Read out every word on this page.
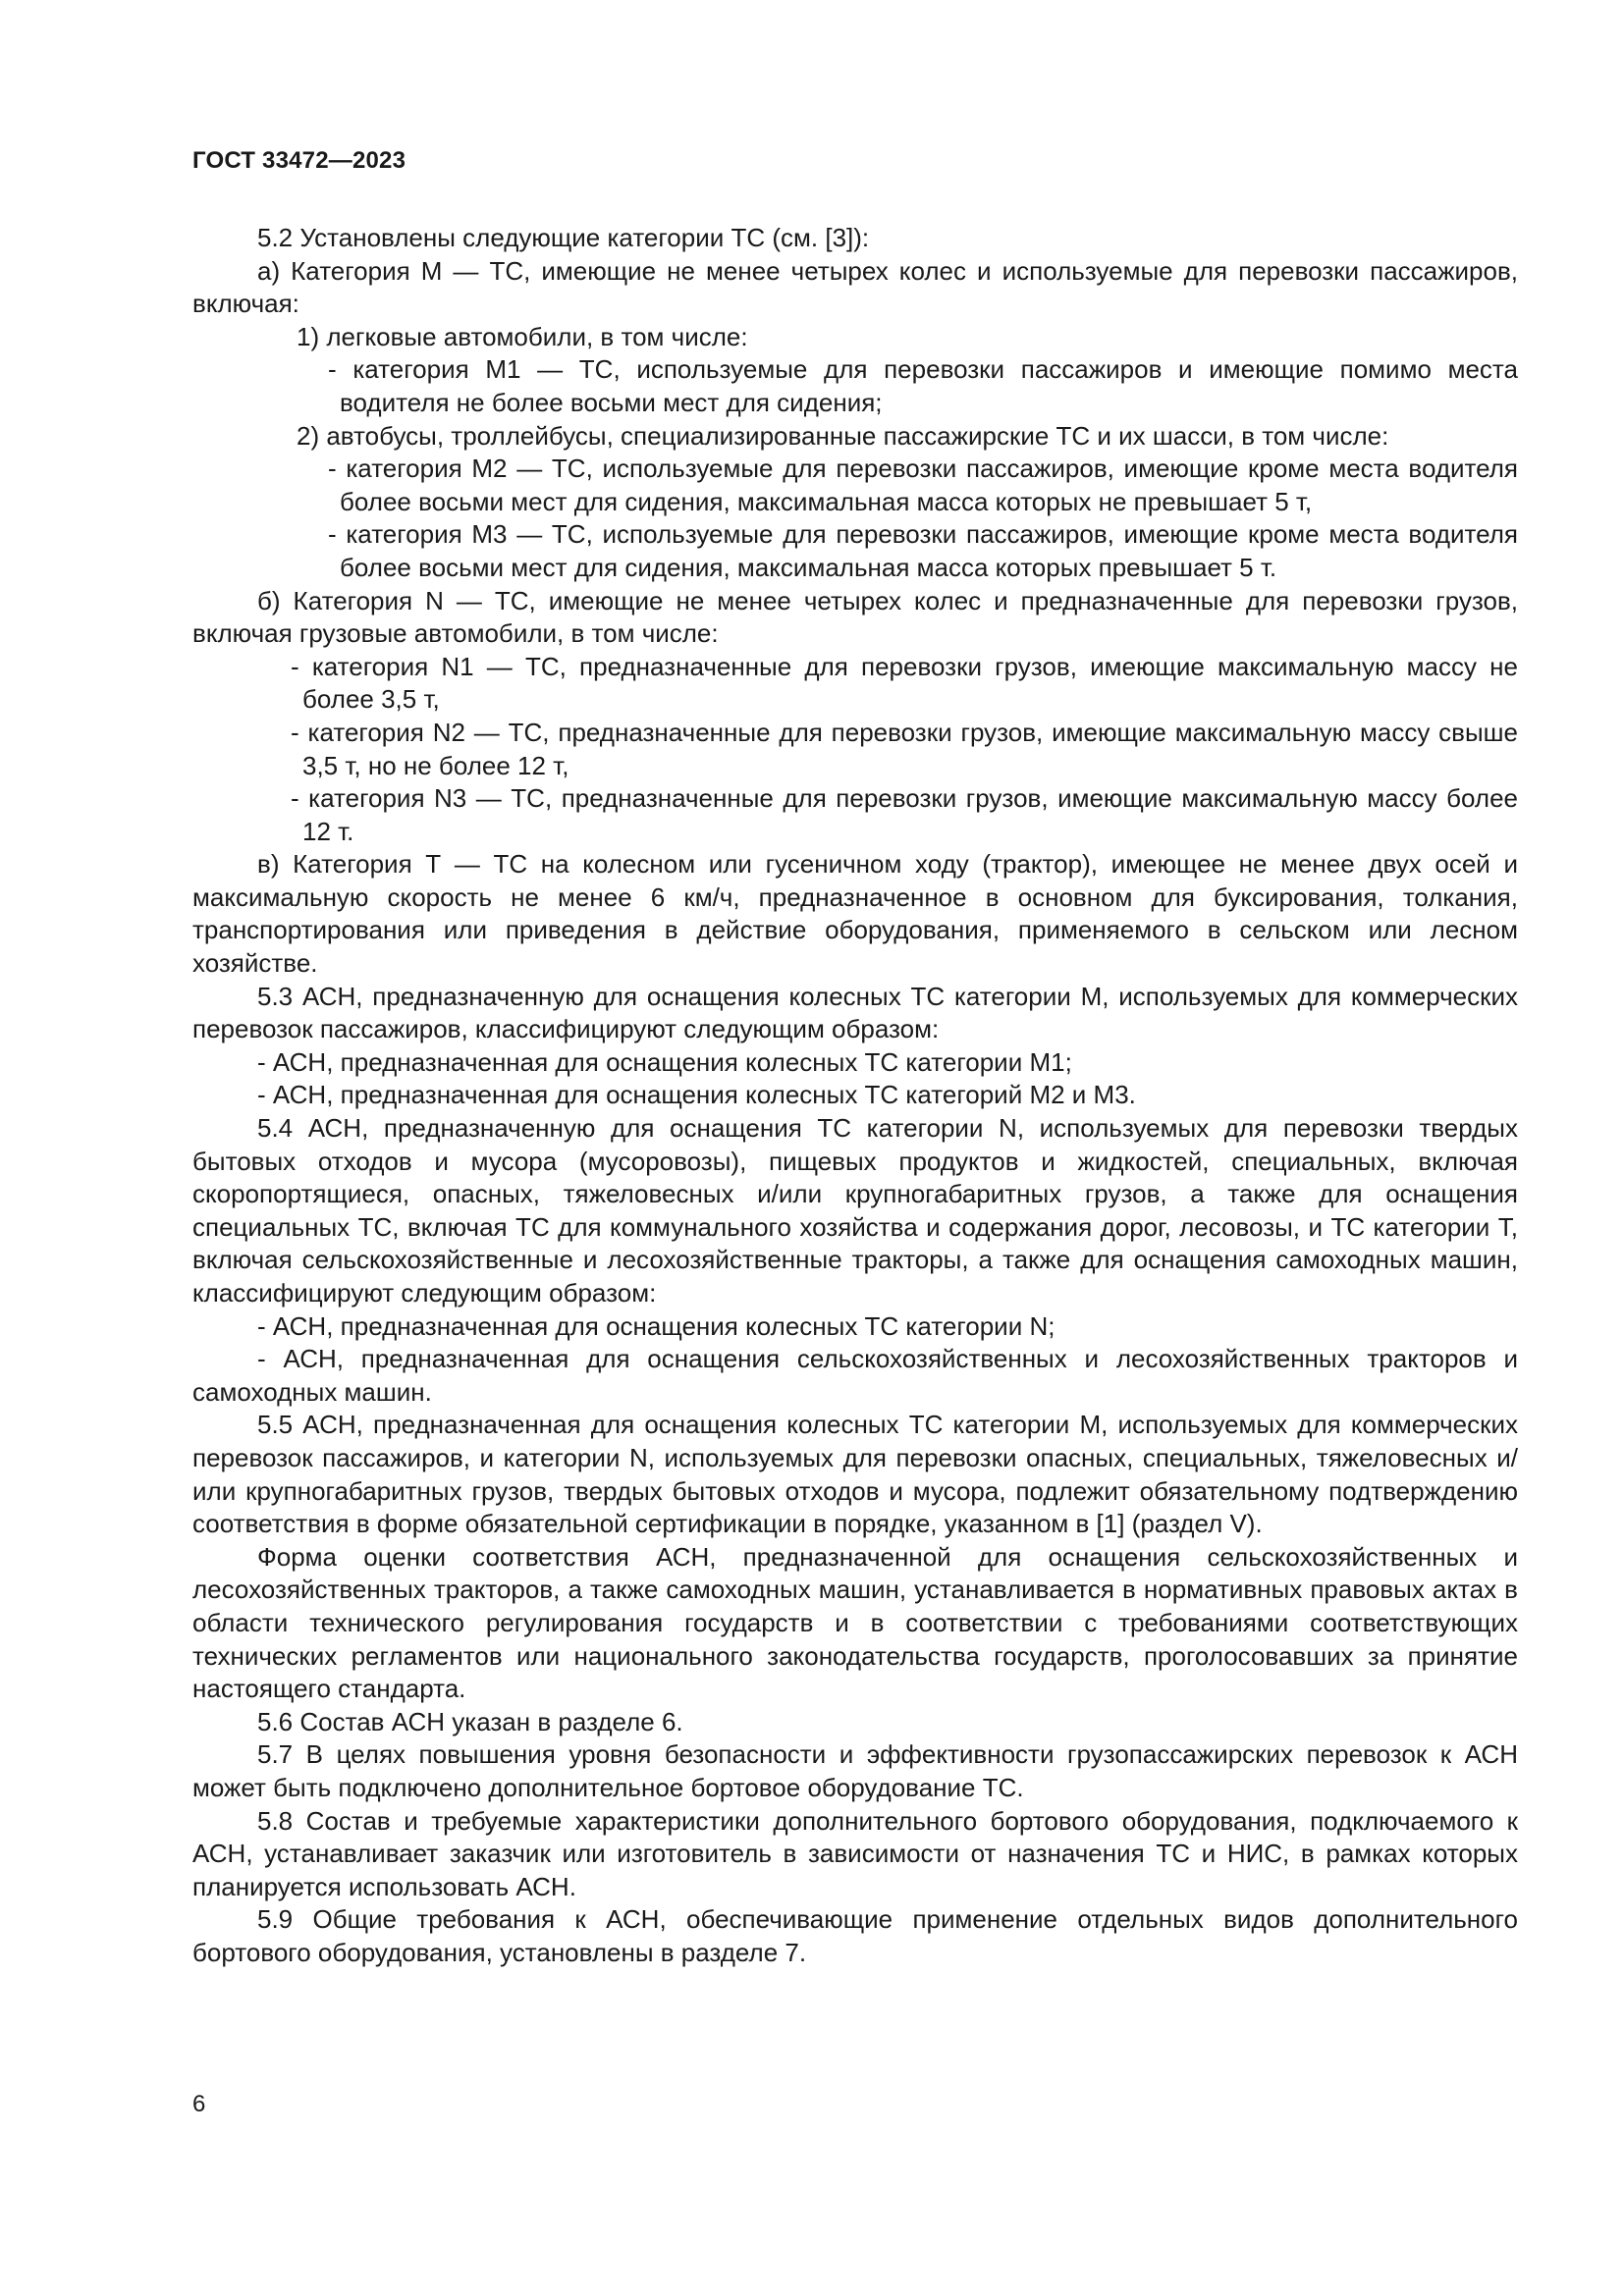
ГОСТ 33472—2023

5.2 Установлены следующие категории ТС (см. [3]):

а) Категория М — ТС, имеющие не менее четырех колес и используемые для перевозки пассажиров, включая:

1) легковые автомобили, в том числе:

- категория М1 — ТС, используемые для перевозки пассажиров и имеющие помимо места водителя не более восьми мест для сидения;

2) автобусы, троллейбусы, специализированные пассажирские ТС и их шасси, в том числе:

- категория М2 — ТС, используемые для перевозки пассажиров, имеющие кроме места водителя более восьми мест для сидения, максимальная масса которых не превышает 5 т,

- категория М3 — ТС, используемые для перевозки пассажиров, имеющие кроме места водителя более восьми мест для сидения, максимальная масса которых превышает 5 т.

б) Категория N — ТС, имеющие не менее четырех колес и предназначенные для перевозки грузов, включая грузовые автомобили, в том числе:

- категория N1 — ТС, предназначенные для перевозки грузов, имеющие максимальную массу не более 3,5 т,

- категория N2 — ТС, предназначенные для перевозки грузов, имеющие максимальную массу свыше 3,5 т, но не более 12 т,

- категория N3 — ТС, предназначенные для перевозки грузов, имеющие максимальную массу более 12 т.

в) Категория Т — ТС на колесном или гусеничном ходу (трактор), имеющее не менее двух осей и максимальную скорость не менее 6 км/ч, предназначенное в основном для буксирования, толкания, транспортирования или приведения в действие оборудования, применяемого в сельском или лесном хозяйстве.

5.3 АСН, предназначенную для оснащения колесных ТС категории М, используемых для коммерческих перевозок пассажиров, классифицируют следующим образом:

- АСН, предназначенная для оснащения колесных ТС категории М1;

- АСН, предназначенная для оснащения колесных ТС категорий М2 и М3.

5.4 АСН, предназначенную для оснащения ТС категории N, используемых для перевозки твердых бытовых отходов и мусора (мусоровозы), пищевых продуктов и жидкостей, специальных, включая скоропортящиеся, опасных, тяжеловесных и/или крупногабаритных грузов, а также для оснащения специальных ТС, включая ТС для коммунального хозяйства и содержания дорог, лесовозы, и ТС категории Т, включая сельскохозяйственные и лесохозяйственные тракторы, а также для оснащения самоходных машин, классифицируют следующим образом:

- АСН, предназначенная для оснащения колесных ТС категории N;

- АСН, предназначенная для оснащения сельскохозяйственных и лесохозяйственных тракторов и самоходных машин.

5.5 АСН, предназначенная для оснащения колесных ТС категории М, используемых для коммерческих перевозок пассажиров, и категории N, используемых для перевозки опасных, специальных, тяжеловесных и/или крупногабаритных грузов, твердых бытовых отходов и мусора, подлежит обязательному подтверждению соответствия в форме обязательной сертификации в порядке, указанном в [1] (раздел V).

Форма оценки соответствия АСН, предназначенной для оснащения сельскохозяйственных и лесохозяйственных тракторов, а также самоходных машин, устанавливается в нормативных правовых актах в области технического регулирования государств и в соответствии с требованиями соответствующих технических регламентов или национального законодательства государств, проголосовавших за принятие настоящего стандарта.

5.6 Состав АСН указан в разделе 6.

5.7 В целях повышения уровня безопасности и эффективности грузопассажирских перевозок к АСН может быть подключено дополнительное бортовое оборудование ТС.

5.8 Состав и требуемые характеристики дополнительного бортового оборудования, подключаемого к АСН, устанавливает заказчик или изготовитель в зависимости от назначения ТС и НИС, в рамках которых планируется использовать АСН.

5.9 Общие требования к АСН, обеспечивающие применение отдельных видов дополнительного бортового оборудования, установлены в разделе 7.

6
